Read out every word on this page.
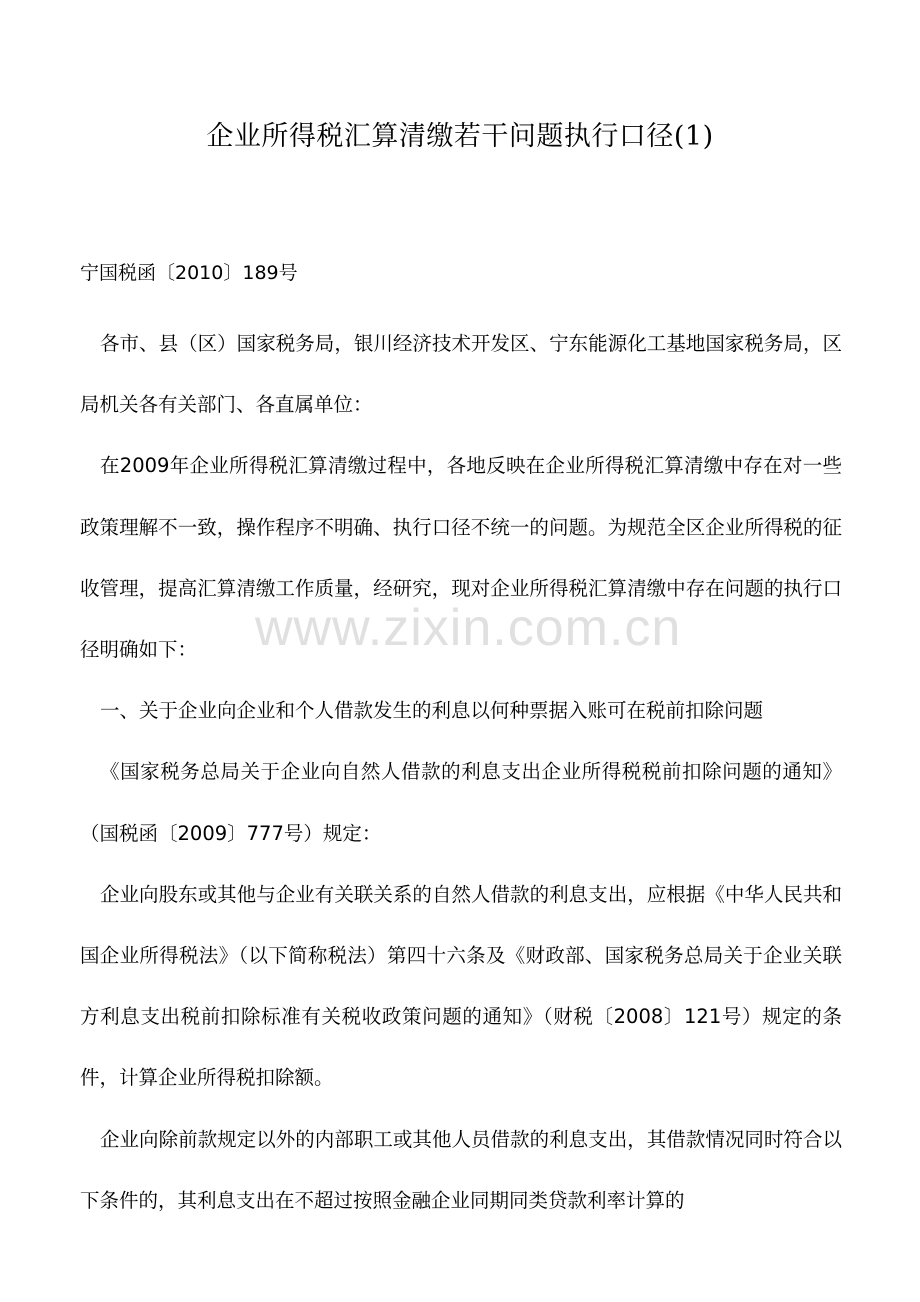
企业所得税汇算清缴若干问题执行口径(1)
宁国税函〔2010〕189号

各市、县（区）国家税务局，银川经济技术开发区、宁东能源化工基地国家税务局，区局机关各有关部门、各直属单位：

在2009年企业所得税汇算清缴过程中，各地反映在企业所得税汇算清缴中存在对一些政策理解不一致，操作程序不明确、执行口径不统一的问题。为规范全区企业所得税的征收管理，提高汇算清缴工作质量，经研究，现对企业所得税汇算清缴中存在问题的执行口径明确如下：

一、关于企业向企业和个人借款发生的利息以何种票据入账可在税前扣除问题

《国家税务总局关于企业向自然人借款的利息支出企业所得税税前扣除问题的通知》（国税函〔2009〕777号）规定：

企业向股东或其他与企业有关联关系的自然人借款的利息支出，应根据《中华人民共和国企业所得税法》（以下简称税法）第四十六条及《财政部、国家税务总局关于企业关联方利息支出税前扣除标准有关税收政策问题的通知》（财税〔2008〕121号）规定的条件，计算企业所得税扣除额。

企业向除前款规定以外的内部职工或其他人员借款的利息支出，其借款情况同时符合以下条件的，其利息支出在不超过按照金融企业同期同类贷款利率计算的

www.zixin.com.cn
